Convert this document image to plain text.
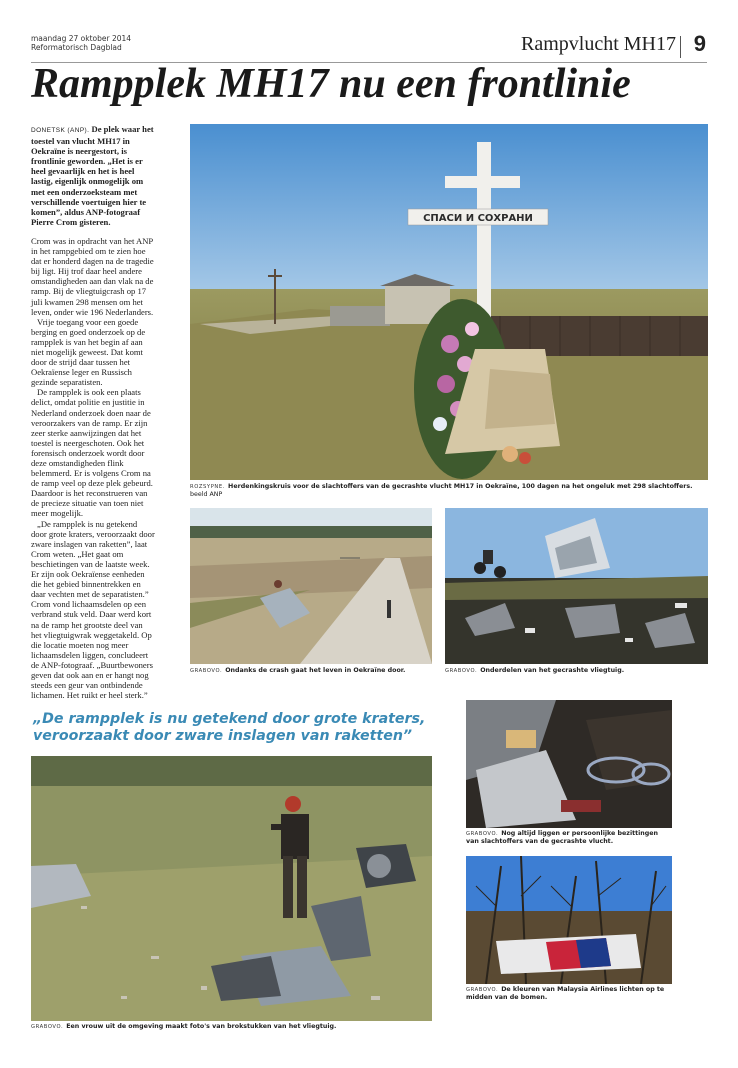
maandag 27 oktober 2014
Reformatorisch Dagblad	Rampvlucht MH17 9
Rampplek MH17 nu een frontlinie

DONETSK (ANP). De plek waar het toestel van vlucht MH17 in Oekraïne is neergestort, is frontlinie geworden. „Het is er heel gevaarlijk en het is heel lastig, eigenlijk onmogelijk om met een onderzoeksteam met verschillende voertuigen hier te komen”, aldus ANP-fotograaf Pierre Crom gisteren.

Crom was in opdracht van het ANP in het rampgebied om te zien hoe dat er honderd dagen na de tragedie bij ligt. Hij trof daar heel andere omstandigheden aan dan vlak na de ramp. Bij de vliegtuigcrash op 17 juli kwamen 298 mensen om het leven, onder wie 196 Nederlanders.

Vrije toegang voor een goede berging en goed onderzoek op de rampplek is van het begin af aan niet mogelijk geweest. Dat komt door de strijd daar tussen het Oekraïense leger en Russisch gezinde separatisten.

De rampplek is ook een plaats delict, omdat politie en justitie in Nederland onderzoek doen naar de veroorzakers van de ramp. Er zijn zeer sterke aanwijzingen dat het toestel is neergeschoten. Ook het forensisch onderzoek wordt door deze omstandigheden flink belemmerd. Er is volgens Crom na de ramp veel op deze plek gebeurd. Daardoor is het reconstrueren van de precieze situatie van toen niet meer mogelijk.

„De rampplek is nu getekend door grote kraters, veroorzaakt door zware inslagen van raketten”, laat Crom weten. „Het gaat om beschietingen van de laatste week. Er zijn ook Oekraïense eenheden die het gebied binnentrekken en daar vechten met de separatisten.”

Crom vond lichaamsdelen op een verbrand stuk veld. Daar werd kort na de ramp het grootste deel van het vliegtuigwrak weggetakeld. Op die locatie moeten nog meer lichaamsdelen liggen, concludeert de ANP-fotograaf. „Buurtbewoners geven dat ook aan en er hangt nog steeds een geur van ontbindende lichamen. Het ruikt er heel sterk.”

СПАСИ И СОХРАНИ
ROZSYPNE. Herdenkingskruis voor de slachtoffers van de gecrashte vlucht MH17 in Oekraïne, 100 dagen na het ongeluk met 298 slachtoffers. beeld ANP
GRABOVO. Ondanks de crash gaat het leven in Oekraïne door.	GRABOVO. Onderdelen van het gecrashte vliegtuig.
„De rampplek is nu getekend door grote kraters, veroorzaakt door zware inslagen van raketten”
GRABOVO. Een vrouw uit de omgeving maakt foto's van brokstukken van het vliegtuig.
GRABOVO. Nog altijd liggen er persoonlijke bezittingen van slachtoffers van de gecrashte vlucht.
GRABOVO. De kleuren van Malaysia Airlines lichten op te midden van de bomen.
